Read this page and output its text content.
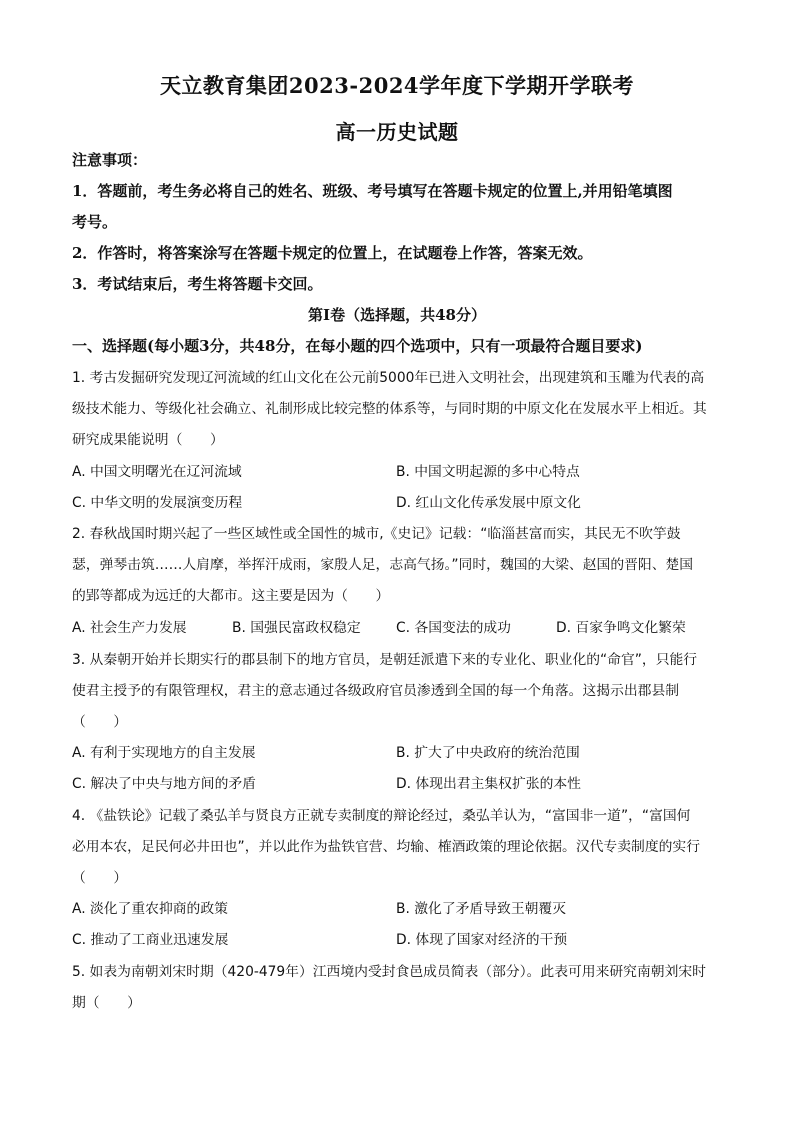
天立教育集团2023-2024学年度下学期开学联考
高一历史试题
注意事项：
1．答题前，考生务必将自己的姓名、班级、考号填写在答题卡规定的位置上,并用铅笔填图
考号。
2．作答时，将答案涂写在答题卡规定的位置上，在试题卷上作答，答案无效。
3．考试结束后，考生将答题卡交回。
第Ⅰ卷（选择题，共48分）
一、选择题(每小题3分，共48分，在每小题的四个选项中，只有一项最符合题目要求)
1. 考古发掘研究发现辽河流域的红山文化在公元前5000年已进入文明社会，出现建筑和玉雕为代表的高
级技术能力、等级化社会确立、礼制形成比较完整的体系等，与同时期的中原文化在发展水平上相近。其
研究成果能说明（　　）
A. 中国文明曙光在辽河流域	B. 中国文明起源的多中心特点
C. 中华文明的发展演变历程	D. 红山文化传承发展中原文化
2. 春秋战国时期兴起了一些区域性或全国性的城市,《史记》记载：“临淄甚富而实，其民无不吹竽鼓
瑟，弹琴击筑……人肩摩，举挥汗成雨，家殷人足，志高气扬。”同时，魏国的大梁、赵国的晋阳、楚国
的郢等都成为远迁的大都市。这主要是因为（　　）
A. 社会生产力发展	B. 国强民富政权稳定	C. 各国变法的成功	D. 百家争鸣文化繁荣
3. 从秦朝开始并长期实行的郡县制下的地方官员，是朝廷派遣下来的专业化、职业化的“命官”，只能行
使君主授予的有限管理权，君主的意志通过各级政府官员渗透到全国的每一个角落。这揭示出郡县制
（　　）
A. 有利于实现地方的自主发展	B. 扩大了中央政府的统治范围
C. 解决了中央与地方间的矛盾	D. 体现出君主集权扩张的本性
4. 《盐铁论》记载了桑弘羊与贤良方正就专卖制度的辩论经过，桑弘羊认为，“富国非一道”，“富国何
必用本农，足民何必井田也”，并以此作为盐铁官营、均输、榷酒政策的理论依据。汉代专卖制度的实行
（　　）
A. 淡化了重农抑商的政策	B. 激化了矛盾导致王朝覆灭
C. 推动了工商业迅速发展	D. 体现了国家对经济的干预
5. 如表为南朝刘宋时期（420-479年）江西境内受封食邑成员简表（部分）。此表可用来研究南朝刘宋时
期（　　）
